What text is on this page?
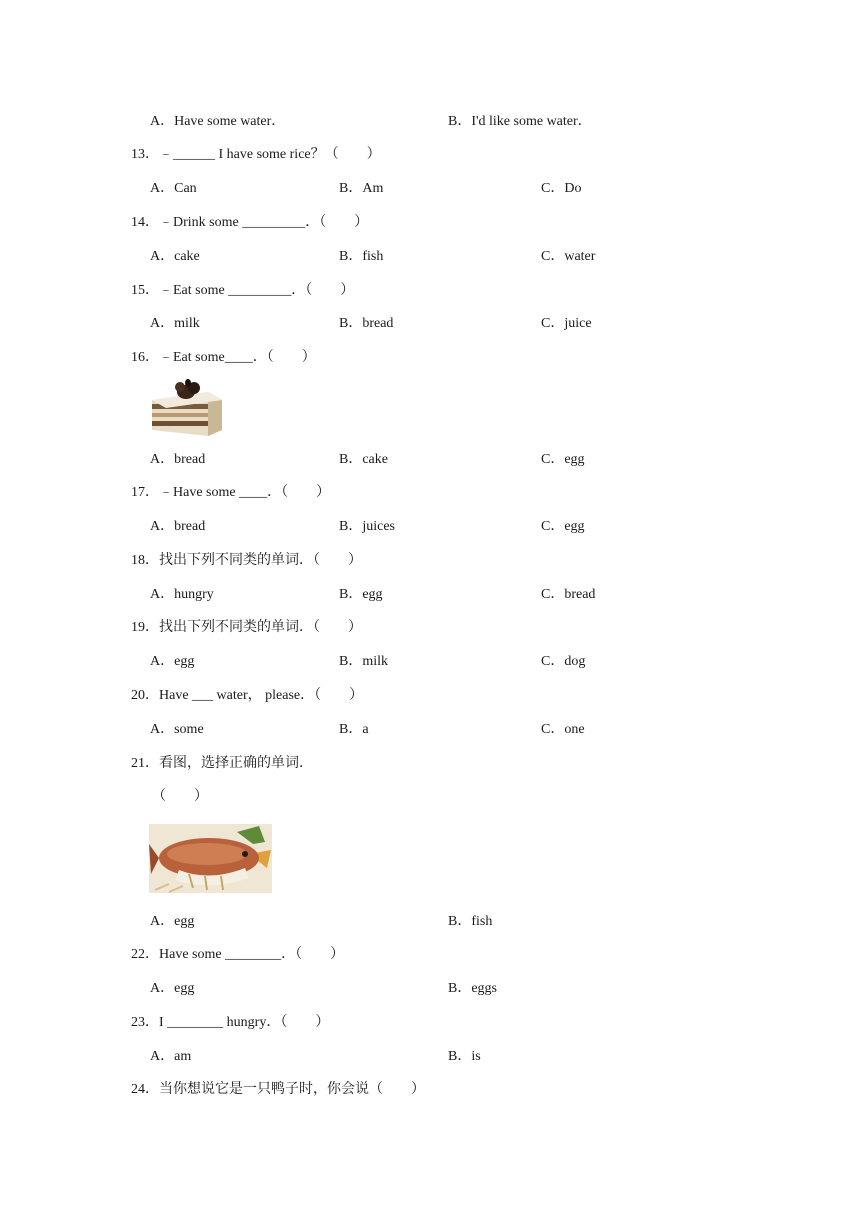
A．Have some water．	B．I'd like some water．
13．﹣______ I have some rice？（　　）
A．Can	B．Am	C．Do
14．﹣Drink some _________．（　　）
A．cake	B．fish	C．water
15．﹣Eat some _________．（　　）
A．milk	B．bread	C．juice
16．﹣Eat some____．（　　）
A．bread	B．cake	C．egg
17．﹣Have some ____．（　　）
A．bread	B．juices	C．egg
18．找出下列不同类的单词．（　　）
A．hungry	B．egg	C．bread
19．找出下列不同类的单词．（　　）
A．egg	B．milk	C．dog
20．Have ___ water， please．（　　）
A．some	B．a	C．one
21．看图，选择正确的单词．
（　　）
A．egg	B．fish
22．Have some ________．（　　）
A．egg	B．eggs
23．I ________ hungry．（　　）
A．am	B．is
24．当你想说它是一只鸭子时，你会说（　　）
